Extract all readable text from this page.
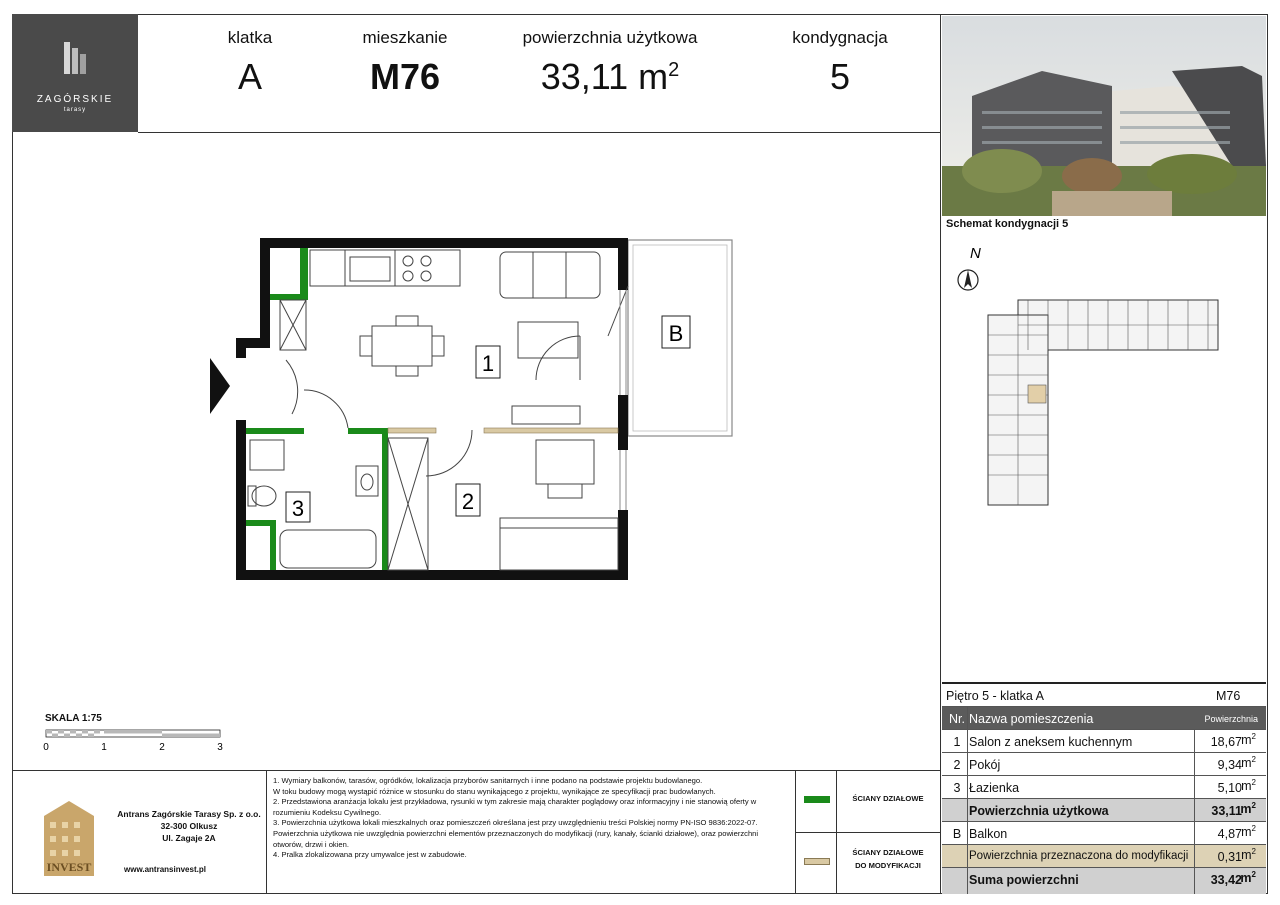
ZAGÓRSKIE
tarasy
klatka
A
mieszkanie
M76
powierzchnia użytkowa
33,11 $m^2$
kondygnacja
5
Schemat kondygnacji 5
N
1
2
3
B
SKALA 1:75
0	1	2	3
Piętro 5 - klatka A	M76
Nr. Nazwa pomieszczenia	Powierzchnia
1 Salon z aneksem kuchennym	18,67 $m^2$
2 Pokój	9,34 $m^2$
3 Łazienka	5,10 $m^2$
Powierzchnia użytkowa	33,11
$m^2$
B Balkon	4,87 $m^2$
Powierzchnia przeznaczona do modyfikacji 0,31 $m^2$
Suma powierzchni	33,42
$m^2$
INVEST
Antrans Zagórskie Tarasy Sp. z o.o.
32-300 Olkusz
Ul. Zagaje 2A
www.antransinvest.pl

1. Wymiary balkonów, tarasów, ogródków, lokalizacja przyborów sanitarnych i inne podano na podstawie projektu budowlanego.

W toku budowy mogą wystąpić różnice w stosunku do stanu wynikającego z projektu, wynikające ze specyfikacji prac budowlanych.

2. Przedstawiona aranżacja lokalu jest przykładowa, rysunki w tym zakresie mają charakter poglądowy oraz informacyjny i nie stanowią oferty w rozumieniu Kodeksu Cywilnego.

3. Powierzchnia użytkowa lokali mieszkalnych oraz pomieszczeń określana jest przy uwzględnieniu treści Polskiej normy PN-ISO 9836:2022-07. Powierzchnia użytkowa nie uwzględnia powierzchni elementów przeznaczonych do modyfikacji (rury, kanały, ścianki działowe), oraz powierzchni otworów, drzwi i okien.

4. Pralka zlokalizowana przy umywalce jest w zabudowie.

ŚCIANY DZIAŁOWE
ŚCIANY DZIAŁOWE
DO MODYFIKACJI
